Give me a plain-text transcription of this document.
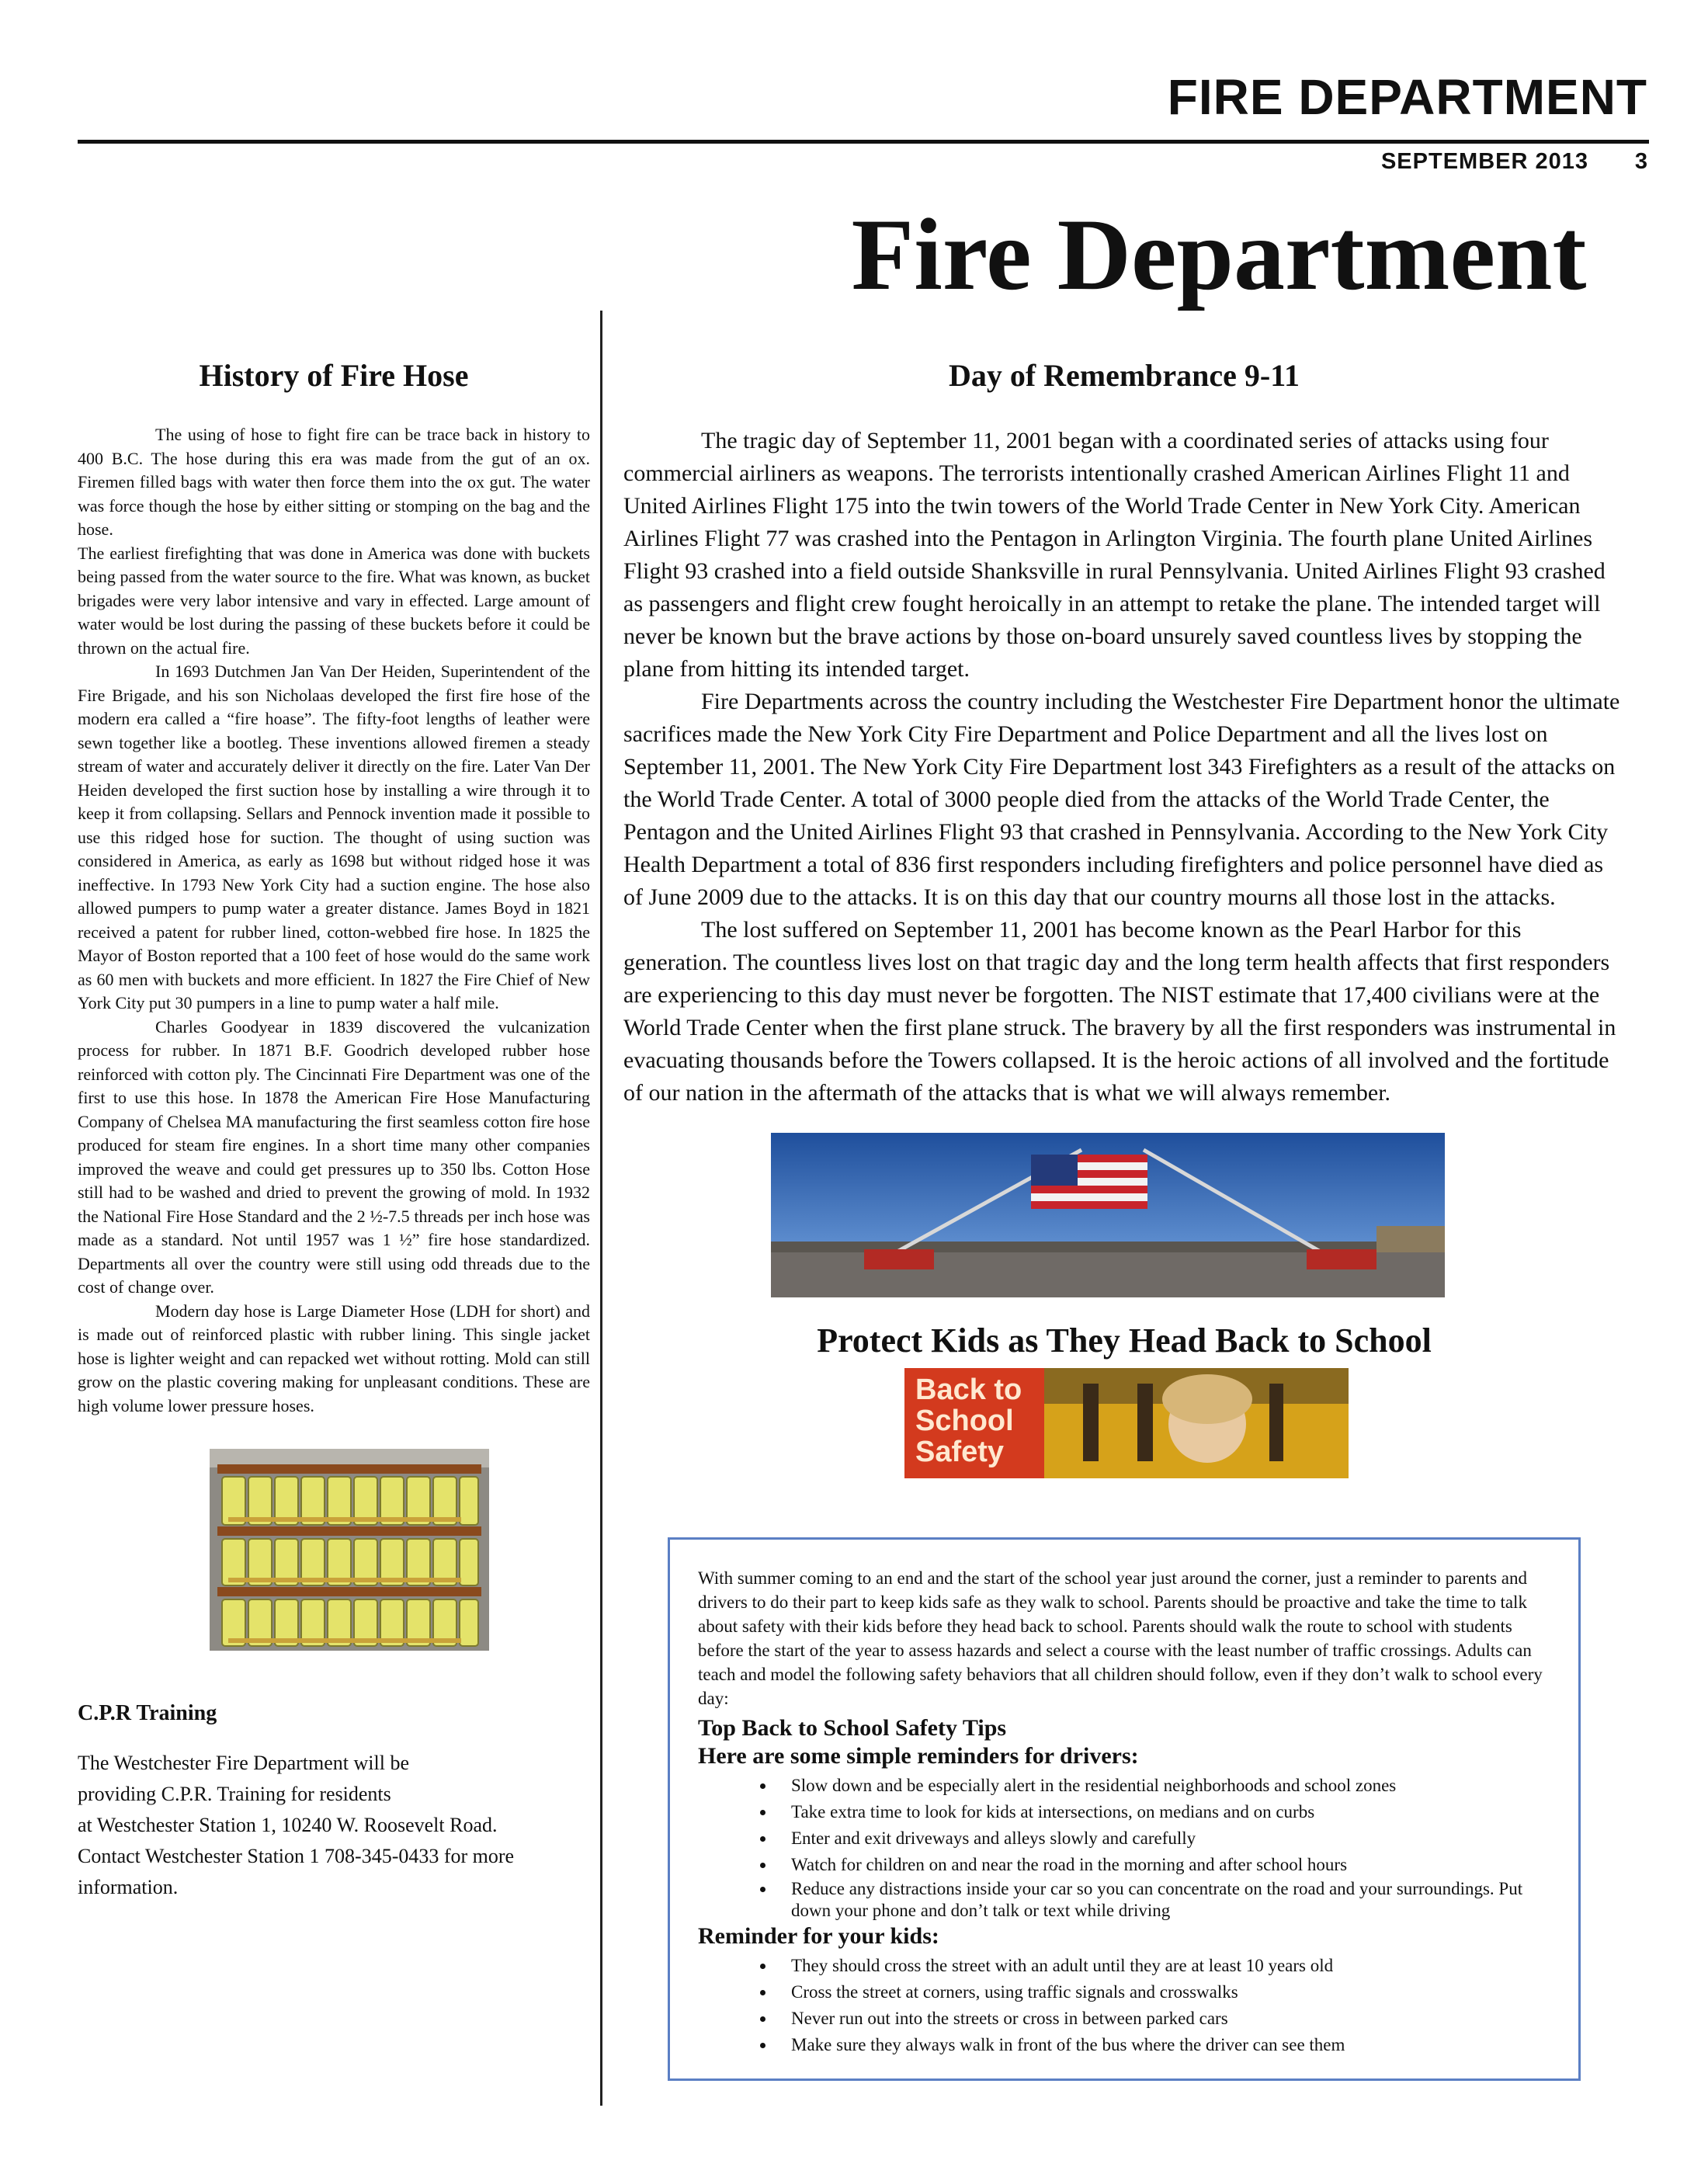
FIRE DEPARTMENT
SEPTEMBER 2013 3
Fire Department
History of Fire Hose

The using of hose to fight fire can be trace back in history to 400 B.C. The hose during this era was made from the gut of an ox. Firemen filled bags with water then force them into the ox gut. The water was force though the hose by either sitting or stomping on the bag and the hose.

The earliest firefighting that was done in America was done with buckets being passed from the water source to the fire. What was known, as bucket brigades were very labor intensive and vary in effected. Large amount of water would be lost during the passing of these buckets before it could be thrown on the actual fire.

In 1693 Dutchmen Jan Van Der Heiden, Superintendent of the Fire Brigade, and his son Nicholaas developed the first fire hose of the modern era called a “fire hoase”. The fifty-foot lengths of leather were sewn together like a bootleg. These inventions allowed firemen a steady stream of water and accurately deliver it directly on the fire. Later Van Der Heiden developed the first suction hose by installing a wire through it to keep it from collapsing. Sellars and Pennock invention made it possible to use this ridged hose for suction. The thought of using suction was considered in America, as early as 1698 but without ridged hose it was ineffective. In 1793 New York City had a suction engine. The hose also allowed pumpers to pump water a greater distance. James Boyd in 1821 received a patent for rubber lined, cotton-webbed fire hose. In 1825 the Mayor of Boston reported that a 100 feet of hose would do the same work as 60 men with buckets and more efficient. In 1827 the Fire Chief of New York City put 30 pumpers in a line to pump water a half mile.

Charles Goodyear in 1839 discovered the vulcanization process for rubber. In 1871 B.F. Goodrich developed rubber hose reinforced with cotton ply. The Cincinnati Fire Department was one of the first to use this hose. In 1878 the American Fire Hose Manufacturing Company of Chelsea MA manufacturing the first seamless cotton fire hose produced for steam fire engines. In a short time many other companies improved the weave and could get pressures up to 350 lbs. Cotton Hose still had to be washed and dried to prevent the growing of mold. In 1932 the National Fire Hose Standard and the 2 ½-7.5 threads per inch hose was made as a standard. Not until 1957 was 1 ½” fire hose standardized. Departments all over the country were still using odd threads due to the cost of change over.

Modern day hose is Large Diameter Hose (LDH for short) and is made out of reinforced plastic with rubber lining. This single jacket hose is lighter weight and can repacked wet without rotting. Mold can still grow on the plastic covering making for unpleasant conditions. These are high volume lower pressure hoses.

C.P.R Training

The Westchester Fire Department will be

providing C.P.R. Training for residents

at Westchester Station 1, 10240 W. Roosevelt Road.

Contact Westchester Station 1 708-345-0433 for more information.

Day of Remembrance 9-11

The tragic day of September 11, 2001 began with a coordinated series of attacks using four commercial airliners as weapons. The terrorists intentionally crashed American Airlines Flight 11 and United Airlines Flight 175 into the twin towers of the World Trade Center in New York City. American Airlines Flight 77 was crashed into the Pentagon in Arlington Virginia. The fourth plane United Airlines Flight 93 crashed into a field outside Shanksville in rural Pennsylvania. United Airlines Flight 93 crashed as passengers and flight crew fought heroically in an attempt to retake the plane. The intended target will never be known but the brave actions by those on-board unsurely saved countless lives by stopping the plane from hitting its intended target.

Fire Departments across the country including the Westchester Fire Department honor the ultimate sacrifices made the New York City Fire Department and Police Department and all the lives lost on September 11, 2001. The New York City Fire Department lost 343 Firefighters as a result of the attacks on the World Trade Center. A total of 3000 people died from the attacks of the World Trade Center, the Pentagon and the United Airlines Flight 93 that crashed in Pennsylvania. According to the New York City Health Department a total of 836 first responders including firefighters and police personnel have died as of June 2009 due to the attacks. It is on this day that our country mourns all those lost in the attacks.

The lost suffered on September 11, 2001 has become known as the Pearl Harbor for this generation. The countless lives lost on that tragic day and the long term health affects that first responders are experiencing to this day must never be forgotten. The NIST estimate that 17,400 civilians were at the World Trade Center when the first plane struck. The bravery by all the first responders was instrumental in evacuating thousands before the Towers collapsed. It is the heroic actions of all involved and the fortitude of our nation in the aftermath of the attacks that is what we will always remember.

Protect Kids as They Head Back to School
Back to
School
Safety

With summer coming to an end and the start of the school year just around the corner, just a reminder to parents and drivers to do their part to keep kids safe as they walk to school. Parents should be proactive and take the time to talk about safety with their kids before they head back to school. Parents should walk the route to school with students before the start of the year to assess hazards and select a course with the least number of traffic crossings. Adults can teach and model the following safety behaviors that all children should follow, even if they don’t walk to school every day:

Top Back to School Safety Tips
Here are some simple reminders for drivers:
• Slow down and be especially alert in the residential neighborhoods and school zones
• Take extra time to look for kids at intersections, on medians and on curbs
• Enter and exit driveways and alleys slowly and carefully
• Watch for children on and near the road in the morning and after school hours
• Reduce any distractions inside your car so you can concentrate on the road and your surroundings. Put down your phone and don’t talk or text while driving
Reminder for your kids:
• They should cross the street with an adult until they are at least 10 years old
• Cross the street at corners, using traffic signals and crosswalks
• Never run out into the streets or cross in between parked cars
• Make sure they always walk in front of the bus where the driver can see them
